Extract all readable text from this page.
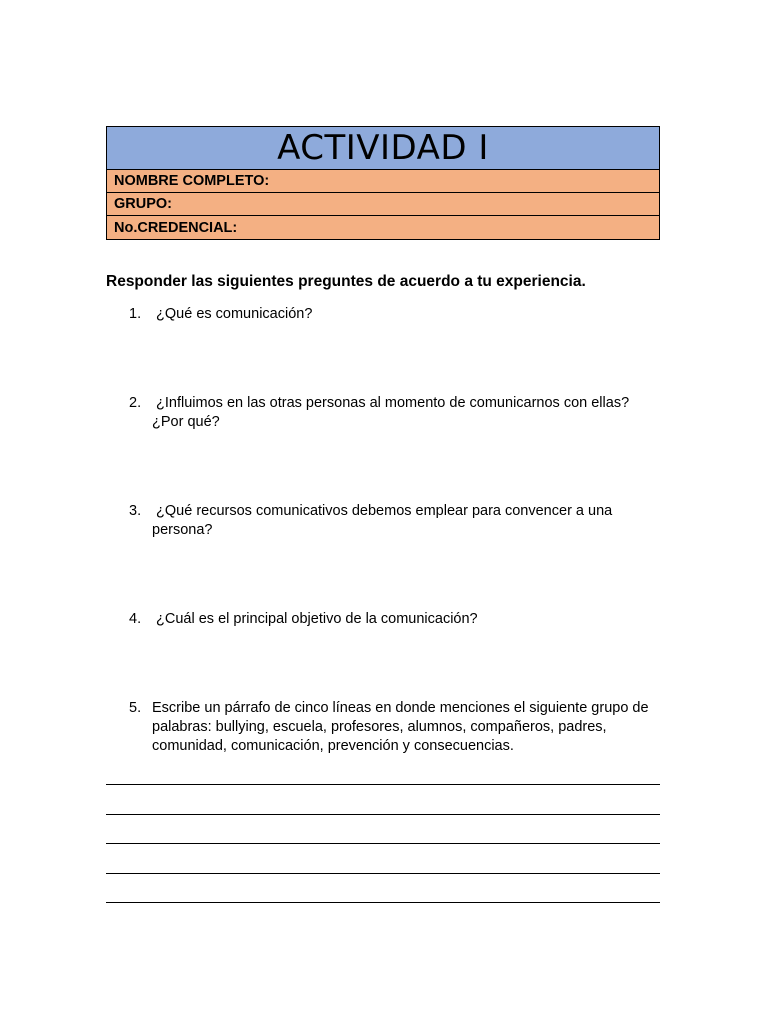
ACTIVIDAD I
NOMBRE COMPLETO:
GRUPO:
No.CREDENCIAL:
Responder las siguientes preguntes de acuerdo a tu experiencia.
1. ¿Qué es comunicación?
2. ¿Influimos en las otras personas al momento de comunicarnos con ellas? ¿Por qué?
3. ¿Qué recursos comunicativos debemos emplear para convencer a una persona?
4. ¿Cuál es el principal objetivo de la comunicación?
5. Escribe un párrafo de cinco líneas en donde menciones el siguiente grupo de palabras: bullying, escuela, profesores, alumnos, compañeros, padres, comunidad, comunicación, prevención y consecuencias.
